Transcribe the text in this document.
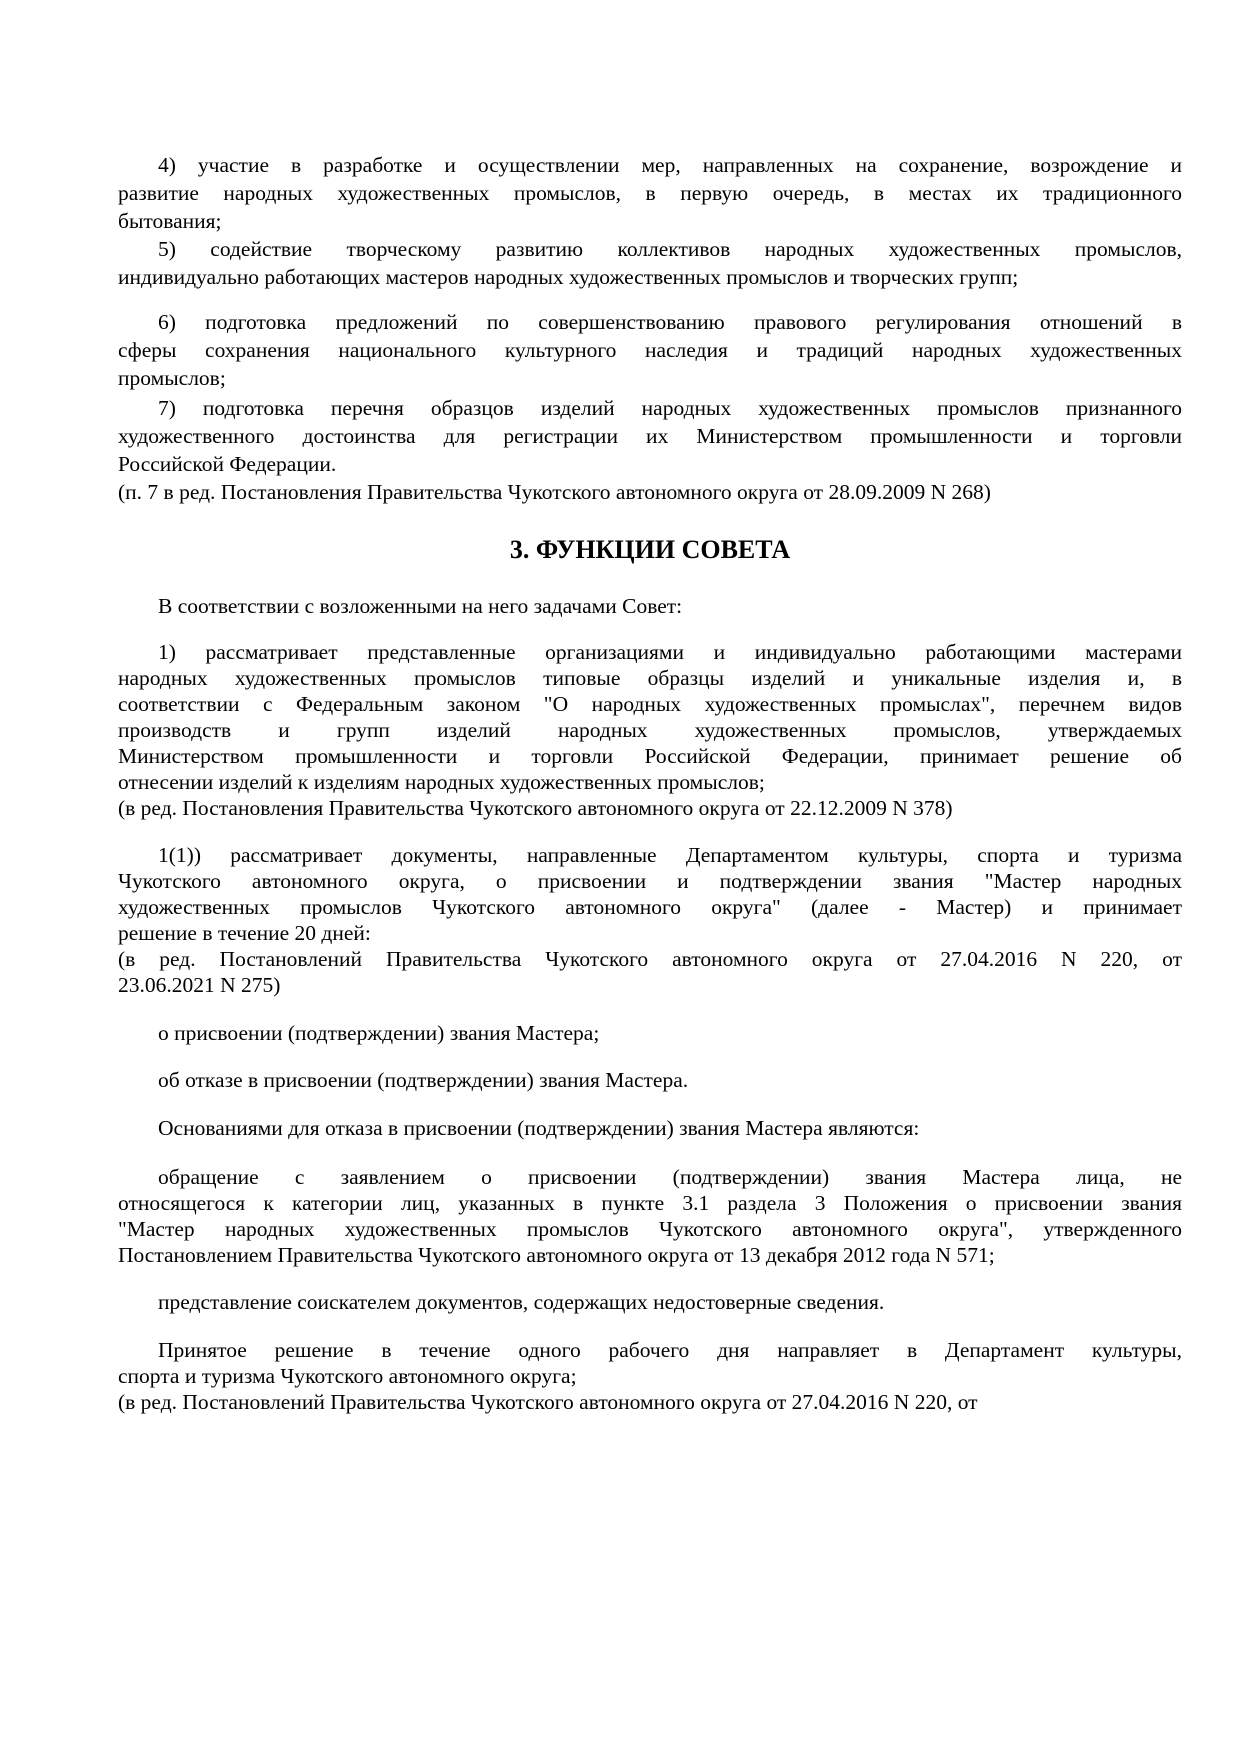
4) участие в разработке и осуществлении мер, направленных на сохранение, возрождение и
развитие народных художественных промыслов, в первую очередь, в местах их традиционного
бытования;
5) содействие творческому развитию коллективов народных художественных промыслов,
индивидуально работающих мастеров народных художественных промыслов и творческих групп;
6) подготовка предложений по совершенствованию правового регулирования отношений в
сферы сохранения национального культурного наследия и традиций народных художественных
промыслов;
7) подготовка перечня образцов изделий народных художественных промыслов признанного
художественного достоинства для регистрации их Министерством промышленности и торговли
Российской Федерации.
(п. 7 в ред. Постановления Правительства Чукотского автономного округа от 28.09.2009 N 268)
3. ФУНКЦИИ СОВЕТА
В соответствии с возложенными на него задачами Совет:
1) рассматривает представленные организациями и индивидуально работающими мастерами
народных художественных промыслов типовые образцы изделий и уникальные изделия и, в
соответствии с Федеральным законом "О народных художественных промыслах", перечнем видов
производств и групп изделий народных художественных промыслов, утверждаемых
Министерством промышленности и торговли Российской Федерации, принимает решение об
отнесении изделий к изделиям народных художественных промыслов;
(в ред. Постановления Правительства Чукотского автономного округа от 22.12.2009 N 378)
1(1)) рассматривает документы, направленные Департаментом культуры, спорта и туризма
Чукотского автономного округа, о присвоении и подтверждении звания "Мастер народных
художественных промыслов Чукотского автономного округа" (далее - Мастер) и принимает
решение в течение 20 дней:
(в ред. Постановлений Правительства Чукотского автономного округа от 27.04.2016 N 220, от
23.06.2021 N 275)
о присвоении (подтверждении) звания Мастера;
об отказе в присвоении (подтверждении) звания Мастера.
Основаниями для отказа в присвоении (подтверждении) звания Мастера являются:
обращение с заявлением о присвоении (подтверждении) звания Мастера лица, не
относящегося к категории лиц, указанных в пункте 3.1 раздела 3 Положения о присвоении звания
"Мастер народных художественных промыслов Чукотского автономного округа", утвержденного
Постановлением Правительства Чукотского автономного округа от 13 декабря 2012 года N 571;
представление соискателем документов, содержащих недостоверные сведения.
Принятое решение в течение одного рабочего дня направляет в Департамент культуры,
спорта и туризма Чукотского автономного округа;
(в ред. Постановлений Правительства Чукотского автономного округа от 27.04.2016 N 220, от
